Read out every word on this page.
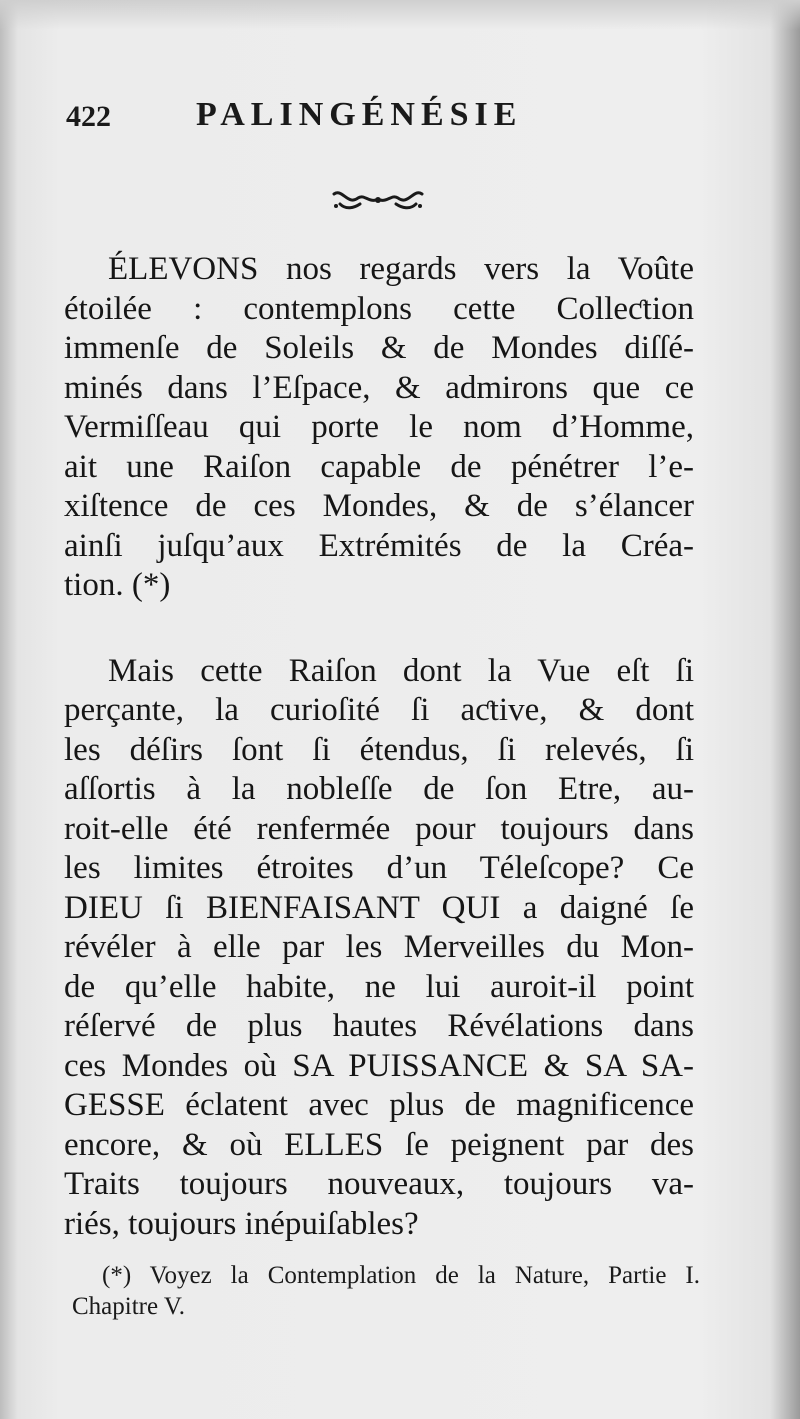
422	PALINGÉNÉSIE
ÉLEVONS nos regards vers la Voûte
étoilée : contemplons cette Colleƈtion
immenſe de Soleils & de Mondes diſſé-
minés dans l’Eſpace, & admirons que ce
Vermiſſeau qui porte le nom d’Homme,
ait une Raiſon capable de pénétrer l’e-
xiſtence de ces Mondes, & de s’élancer
ainſi juſqu’aux Extrémités de la Créa-
tion. (*)
Mais cette Raiſon dont la Vue eſt ſi
perçante, la curioſité ſi aƈtive, & dont
les déſirs ſont ſi étendus, ſi relevés, ſi
aſſortis à la nobleſſe de ſon Etre, au-
roit-elle été renfermée pour toujours dans
les limites étroites d’un Téleſcope? Ce
DIEU ſi BIENFAISANT QUI a daigné ſe
révéler à elle par les Merveilles du Mon-
de qu’elle habite, ne lui auroit-il point
réſervé de plus hautes Révélations dans
ces Mondes où SA PUISSANCE & SA SA-
GESSE éclatent avec plus de magnificence
encore, & où ELLES ſe peignent par des
Traits toujours nouveaux, toujours va-
riés, toujours inépuiſables?
(*) Voyez la Contemplation de la Nature, Partie I.
Chapitre V.
